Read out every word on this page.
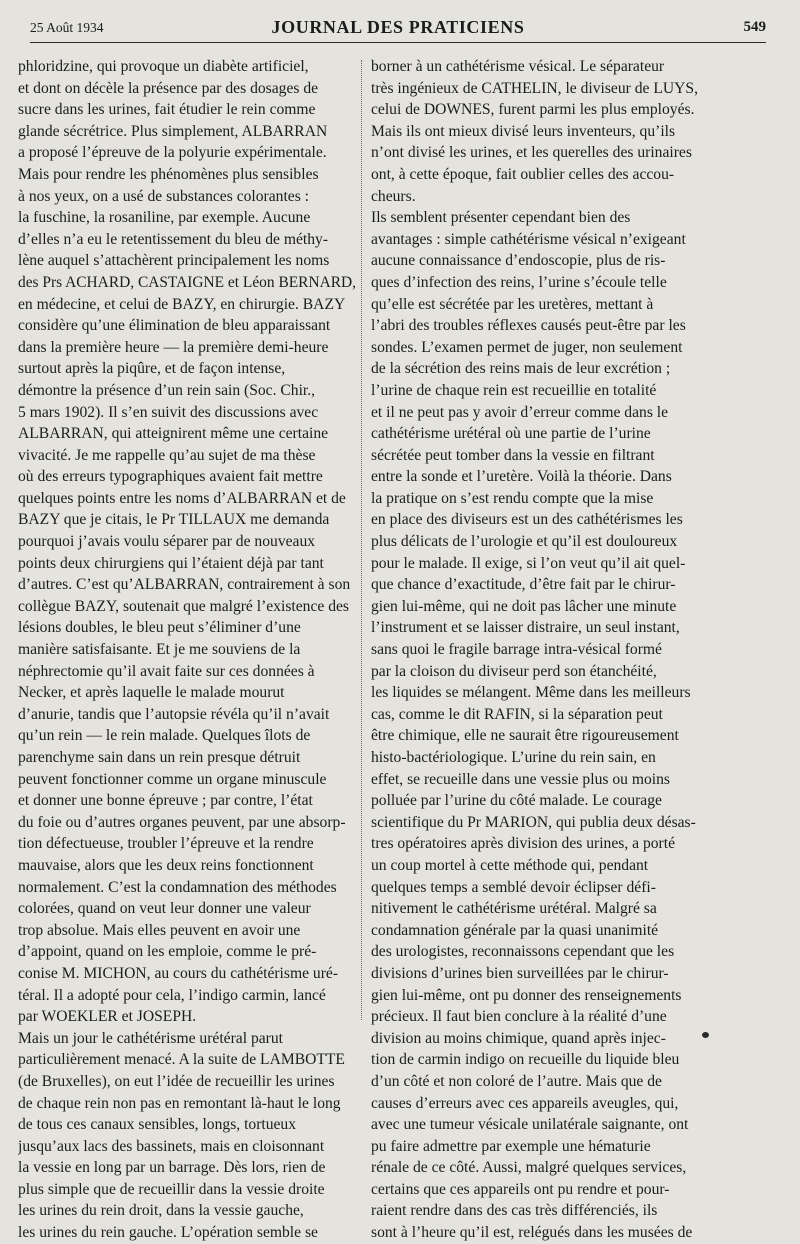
25 Août 1934	JOURNAL DES PRATICIENS	549
phloridzine, qui provoque un diabète artificiel,
et dont on décèle la présence par des dosages de
sucre dans les urines, fait étudier le rein comme
glande sécrétrice. Plus simplement, ALBARRAN
a proposé l’épreuve de la polyurie expérimentale.
Mais pour rendre les phénomènes plus sensibles
à nos yeux, on a usé de substances colorantes :
la fuschine, la rosaniline, par exemple. Aucune
d’elles n’a eu le retentissement du bleu de méthy-
lène auquel s’attachèrent principalement les noms
des Prs ACHARD, CASTAIGNE et Léon BERNARD,
en médecine, et celui de BAZY, en chirurgie. BAZY
considère qu’une élimination de bleu apparaissant
dans la première heure — la première demi-heure
surtout après la piqûre, et de façon intense,
démontre la présence d’un rein sain (Soc. Chir.,
5 mars 1902). Il s’en suivit des discussions avec
ALBARRAN, qui atteignirent même une certaine
vivacité. Je me rappelle qu’au sujet de ma thèse
où des erreurs typographiques avaient fait mettre
quelques points entre les noms d’ALBARRAN et de
BAZY que je citais, le Pr TILLAUX me demanda
pourquoi j’avais voulu séparer par de nouveaux
points deux chirurgiens qui l’étaient déjà par tant
d’autres. C’est qu’ALBARRAN, contrairement à son
collègue BAZY, soutenait que malgré l’existence des
lésions doubles, le bleu peut s’éliminer d’une
manière satisfaisante. Et je me souviens de la
néphrectomie qu’il avait faite sur ces données à
Necker, et après laquelle le malade mourut
d’anurie, tandis que l’autopsie révéla qu’il n’avait
qu’un rein — le rein malade. Quelques îlots de
parenchyme sain dans un rein presque détruit
peuvent fonctionner comme un organe minuscule
et donner une bonne épreuve ; par contre, l’état
du foie ou d’autres organes peuvent, par une absorp-
tion défectueuse, troubler l’épreuve et la rendre
mauvaise, alors que les deux reins fonctionnent
normalement. C’est la condamnation des méthodes
colorées, quand on veut leur donner une valeur
trop absolue. Mais elles peuvent en avoir une
d’appoint, quand on les emploie, comme le pré-
conise M. MICHON, au cours du cathétérisme uré-
téral. Il a adopté pour cela, l’indigo carmin, lancé
par WOEKLER et JOSEPH.
Mais un jour le cathétérisme urétéral parut
particulièrement menacé. A la suite de LAMBOTTE
(de Bruxelles), on eut l’idée de recueillir les urines
de chaque rein non pas en remontant là-haut le long
de tous ces canaux sensibles, longs, tortueux
jusqu’aux lacs des bassinets, mais en cloisonnant
la vessie en long par un barrage. Dès lors, rien de
plus simple que de recueillir dans la vessie droite
les urines du rein droit, dans la vessie gauche,
les urines du rein gauche. L’opération semble se
borner à un cathétérisme vésical. Le séparateur
très ingénieux de CATHELIN, le diviseur de LUYS,
celui de DOWNES, furent parmi les plus employés.
Mais ils ont mieux divisé leurs inventeurs, qu’ils
n’ont divisé les urines, et les querelles des urinaires
ont, à cette époque, fait oublier celles des accou-
cheurs.
Ils semblent présenter cependant bien des
avantages : simple cathétérisme vésical n’exigeant
aucune connaissance d’endoscopie, plus de ris-
ques d’infection des reins, l’urine s’écoule telle
qu’elle est sécrétée par les uretères, mettant à
l’abri des troubles réflexes causés peut-être par les
sondes. L’examen permet de juger, non seulement
de la sécrétion des reins mais de leur excrétion ;
l’urine de chaque rein est recueillie en totalité
et il ne peut pas y avoir d’erreur comme dans le
cathétérisme urétéral où une partie de l’urine
sécrétée peut tomber dans la vessie en filtrant
entre la sonde et l’uretère. Voilà la théorie. Dans
la pratique on s’est rendu compte que la mise
en place des diviseurs est un des cathétérismes les
plus délicats de l’urologie et qu’il est douloureux
pour le malade. Il exige, si l’on veut qu’il ait quel-
que chance d’exactitude, d’être fait par le chirur-
gien lui-même, qui ne doit pas lâcher une minute
l’instrument et se laisser distraire, un seul instant,
sans quoi le fragile barrage intra-vésical formé
par la cloison du diviseur perd son étanchéité,
les liquides se mélangent. Même dans les meilleurs
cas, comme le dit RAFIN, si la séparation peut
être chimique, elle ne saurait être rigoureusement
histo-bactériologique. L’urine du rein sain, en
effet, se recueille dans une vessie plus ou moins
polluée par l’urine du côté malade. Le courage
scientifique du Pr MARION, qui publia deux désas-
tres opératoires après division des urines, a porté
un coup mortel à cette méthode qui, pendant
quelques temps a semblé devoir éclipser défi-
nitivement le cathétérisme urétéral. Malgré sa
condamnation générale par la quasi unanimité
des urologistes, reconnaissons cependant que les
divisions d’urines bien surveillées par le chirur-
gien lui-même, ont pu donner des renseignements
précieux. Il faut bien conclure à la réalité d’une
division au moins chimique, quand après injec-
tion de carmin indigo on recueille du liquide bleu
d’un côté et non coloré de l’autre. Mais que de
causes d’erreurs avec ces appareils aveugles, qui,
avec une tumeur vésicale unilatérale saignante, ont
pu faire admettre par exemple une hématurie
rénale de ce côté. Aussi, malgré quelques services,
certains que ces appareils ont pu rendre et pour-
raient rendre dans des cas très différenciés, ils
sont à l’heure qu’il est, relégués dans les musées de
